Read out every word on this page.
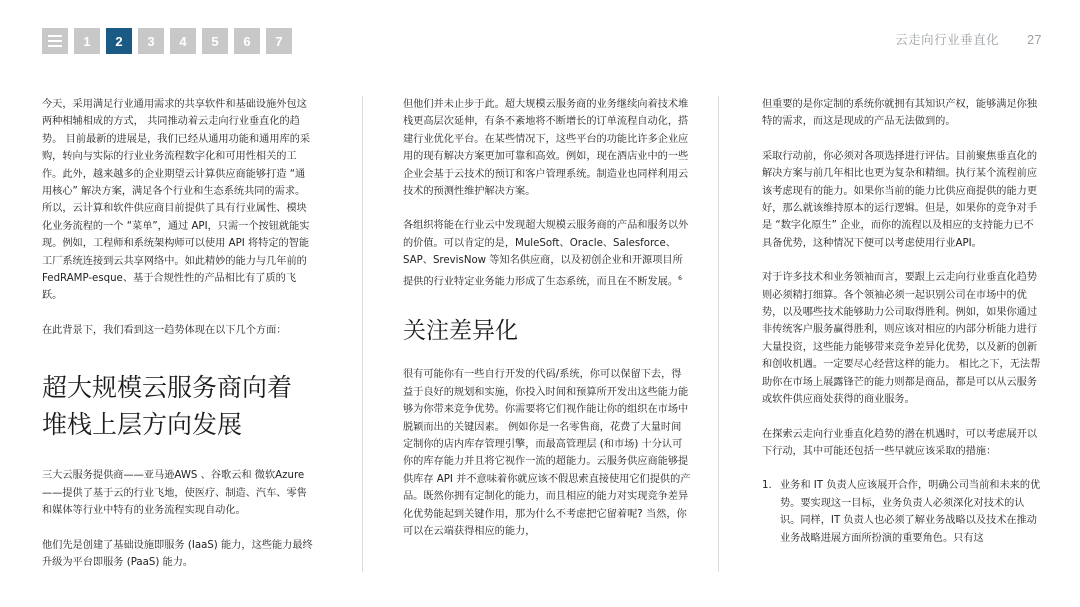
1	2	3	4	5	6	7	云走向行业垂直化 27

今天，采用满足行业通用需求的共享软件和基础设施外包这两种相辅相成的方式， 共同推动着云走向行业垂直化的趋势。 目前最新的进展是，我们已经从通用功能和通用库的采购，转向与实际的行业业务流程数字化和可用性相关的工作。此外，越来越多的企业期望云计算供应商能够打造 “通用核心” 解决方案，满足各个行业和生态系统共同的需求。所以，云计算和软件供应商目前提供了具有行业属性、模块化业务流程的一个 “菜单”，通过 API，只需一个按钮就能实现。例如，工程师和系统架构师可以使用 API 将特定的智能工厂系统连接到云共享网络中。如此精妙的能力与几年前的FedRAMP-esque、基于合规性性的产品相比有了质的飞跃。

在此背景下，我们看到这一趋势体现在以下几个方面：

超大规模云服务商向着堆栈上层方向发展

三大云服务提供商——亚马逊AWS 、谷歌云和 微软Azure——提供了基于云的行业飞地，使医疗、制造、汽车、零售和媒体等行业中特有的业务流程实现自动化。

他们先是创建了基础设施即服务 (IaaS) 能力，这些能力最终升级为平台即服务 (PaaS) 能力。

但他们并未止步于此。超大规模云服务商的业务继续向着技术堆栈更高层次延伸，有条不紊地将不断增长的订单流程自动化，搭建行业优化平台。在某些情况下，这些平台的功能比许多企业应用的现有解决方案更加可靠和高效。例如，现在酒店业中的一些企业会基于云技术的预订和客户管理系统。制造业也同样利用云技术的预测性维护解决方案。

各组织将能在行业云中发现超大规模云服务商的产品和服务以外的价值。可以肯定的是，MuleSoft、Oracle、Salesforce、SAP、SrevisNow 等知名供应商，以及初创企业和开源项目所提供的行业特定业务能力形成了生态系统，而且在不断发展。$^6$

关注差异化

很有可能你有一些自行开发的代码/系统，你可以保留下去，得益于良好的规划和实施，你投入时间和预算所开发出这些能力能够为你带来竞争优势。你需要将它们视作能让你的组织在市场中脱颖而出的关键因素。 例如你是一名零售商，花费了大量时间定制你的店内库存管理引擎，而最高管理层 (和市场) 十分认可你的库存能力并且将它视作一流的超能力。云服务供应商能够提供库存 API 并不意味着你就应该不假思索直接使用它们提供的产品。既然你拥有定制化的能力，而且相应的能力对实现竞争差异化优势能起到关键作用，那为什么不考虑把它留着呢? 当然，你可以在云端获得相应的能力，

但重要的是你定制的系统你就拥有其知识产权，能够满足你独特的需求，而这是现成的产品无法做到的。

采取行动前，你必须对各项选择进行评估。目前聚焦垂直化的解决方案与前几年相比也更为复杂和精细。执行某个流程前应该考虑现有的能力。如果你当前的能力比供应商提供的能力更好，那么就该维持原本的运行逻辑。但是，如果你的竞争对手是 “数字化原生” 企业，而你的流程以及相应的支持能力已不具备优势，这种情况下便可以考虑使用行业API。

对于许多技术和业务领袖而言，要跟上云走向行业垂直化趋势则必须精打细算。各个领袖必须一起识别公司在市场中的优势，以及哪些技术能够助力公司取得胜利。例如，如果你通过非传统客户服务赢得胜利，则应该对相应的内部分析能力进行大量投资，这些能力能够带来竞争差异化优势，以及新的创新和创收机遇。一定要尽心经营这样的能力。 相比之下，无法帮助你在市场上展露锋芒的能力则都是商品，都是可以从云服务或软件供应商处获得的商业服务。

在探索云走向行业垂直化趋势的潜在机遇时，可以考虑展开以下行动，其中可能还包括一些早就应该采取的措施：

1. 业务和 IT 负责人应该展开合作，明确公司当前和未来的优势。要实现这一目标，业务负责人必须深化对技术的认识。同样，IT 负责人也必须了解业务战略以及技术在推动业务战略进展方面所扮演的重要角色。只有这
